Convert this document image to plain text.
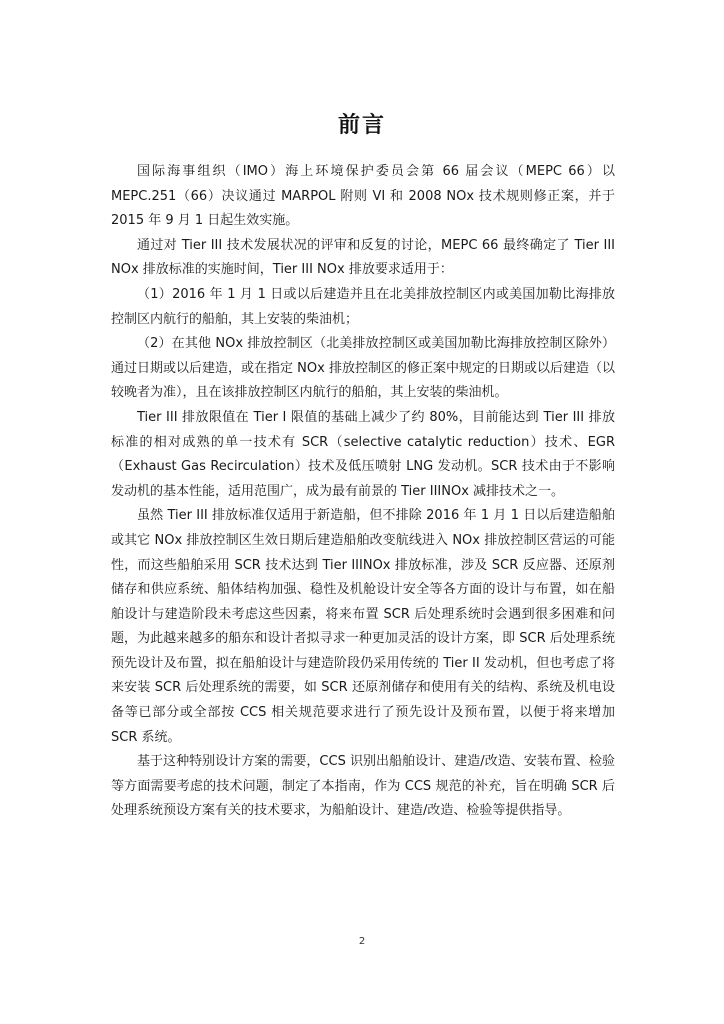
前言

国际海事组织（IMO）海上环境保护委员会第 66 届会议（MEPC 66）以 MEPC.251（66）决议通过 MARPOL 附则 VI 和 2008 NOx 技术规则修正案，并于 2015 年 9 月 1 日起生效实施。

通过对 Tier III 技术发展状况的评审和反复的讨论，MEPC 66 最终确定了 Tier III NOx 排放标准的实施时间，Tier III NOx 排放要求适用于：

（1）2016 年 1 月 1 日或以后建造并且在北美排放控制区内或美国加勒比海排放控制区内航行的船舶，其上安装的柴油机；

（2）在其他 NOx 排放控制区（北美排放控制区或美国加勒比海排放控制区除外）通过日期或以后建造，或在指定 NOx 排放控制区的修正案中规定的日期或以后建造（以较晚者为准），且在该排放控制区内航行的船舶，其上安装的柴油机。

Tier III 排放限值在 Tier I 限值的基础上减少了约 80%，目前能达到 Tier III 排放标准的相对成熟的单一技术有 SCR（selective catalytic reduction）技术、EGR（Exhaust Gas Recirculation）技术及低压喷射 LNG 发动机。SCR 技术由于不影响发动机的基本性能，适用范围广，成为最有前景的 Tier IIINOx 减排技术之一。

虽然 Tier III 排放标准仅适用于新造船，但不排除 2016 年 1 月 1 日以后建造船舶或其它 NOx 排放控制区生效日期后建造船舶改变航线进入 NOx 排放控制区营运的可能性，而这些船舶采用 SCR 技术达到 Tier IIINOx 排放标准，涉及 SCR 反应器、还原剂储存和供应系统、船体结构加强、稳性及机舱设计安全等各方面的设计与布置，如在船舶设计与建造阶段未考虑这些因素，将来布置 SCR 后处理系统时会遇到很多困难和问题，为此越来越多的船东和设计者拟寻求一种更加灵活的设计方案，即 SCR 后处理系统预先设计及布置，拟在船舶设计与建造阶段仍采用传统的 Tier II 发动机，但也考虑了将来安装 SCR 后处理系统的需要，如 SCR 还原剂储存和使用有关的结构、系统及机电设备等已部分或全部按 CCS 相关规范要求进行了预先设计及预布置，以便于将来增加 SCR 系统。

基于这种特别设计方案的需要，CCS 识别出船舶设计、建造/改造、安装布置、检验等方面需要考虑的技术问题，制定了本指南，作为 CCS 规范的补充，旨在明确 SCR 后处理系统预设方案有关的技术要求，为船舶设计、建造/改造、检验等提供指导。

2
